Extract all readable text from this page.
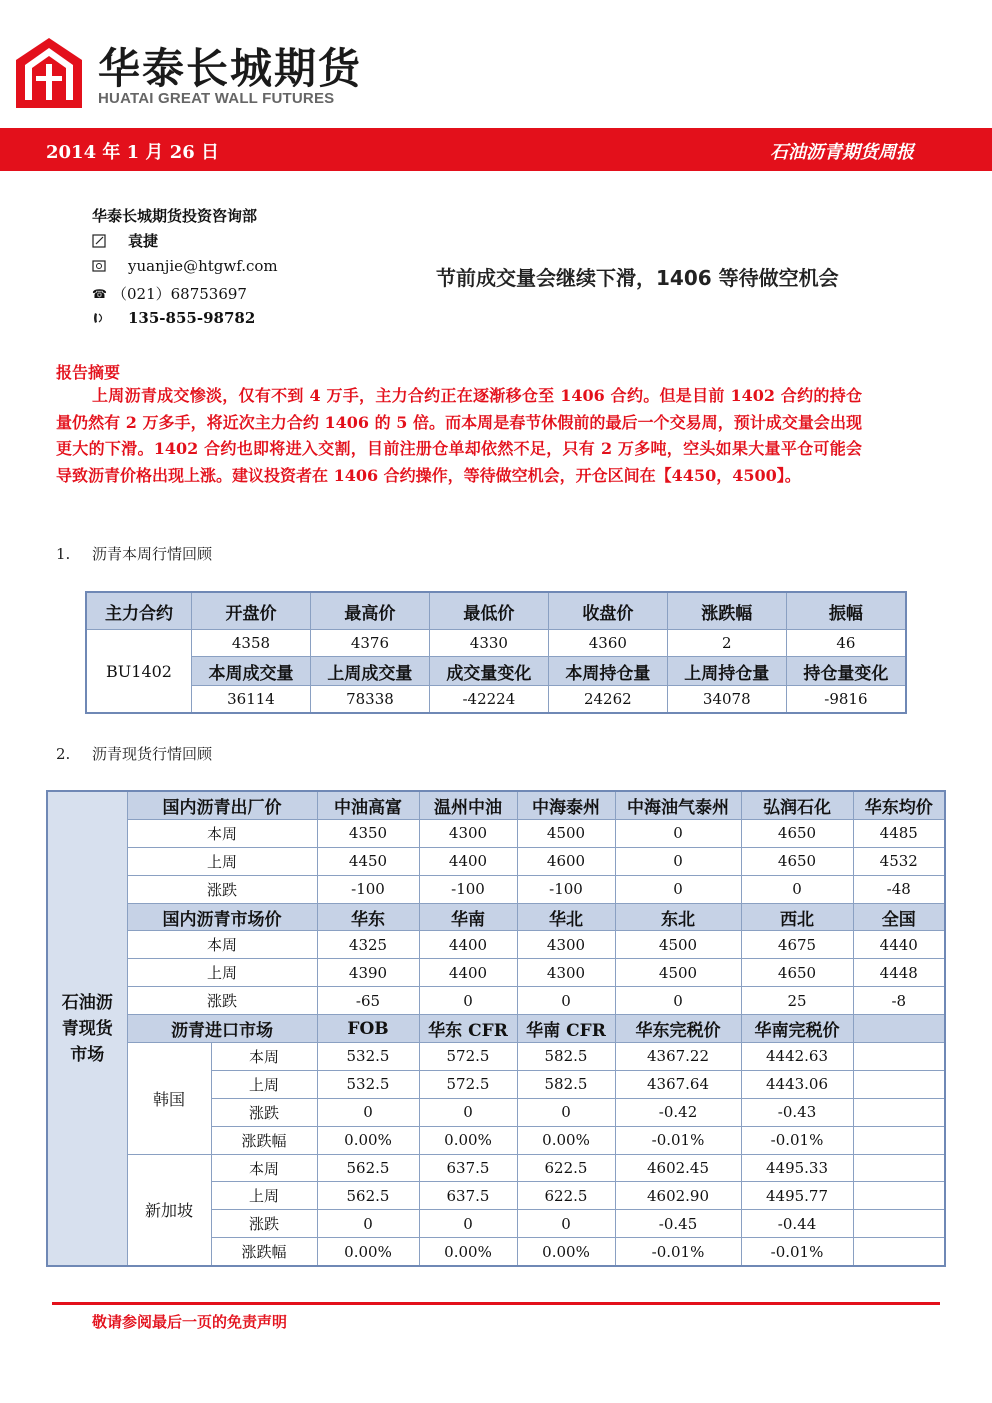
华泰长城期货
HUATAI GREAT WALL FUTURES
2014 年 1 月 26 日	石油沥青期货周报
华泰长城期货投资咨询部
袁捷
yuanjie@htgwf.com
☎ （021）68753697
135-855-98782
节前成交量会继续下滑，1406 等待做空机会
报告摘要

上周沥青成交惨淡，仅有不到 4 万手，主力合约正在逐渐移仓至 1406 合约。但是目前 1402 合约的持仓量仍然有 2 万多手，将近次主力合约 1406 的 5 倍。而本周是春节休假前的最后一个交易周，预计成交量会出现更大的下滑。1402 合约也即将进入交割，目前注册仓单却依然不足，只有 2 万多吨，空头如果大量平仓可能会导致沥青价格出现上涨。建议投资者在 1406 合约操作，等待做空机会，开仓区间在【4450，4500】。

1. 沥青本周行情回顾
主力合约	开盘价	最高价	最低价	收盘价	涨跌幅	振幅
BU1402	4358	4376	4330	4360	2	46
	本周成交量	上周成交量	成交量变化	本周持仓量	上周持仓量	持仓量变化
	36114	78338	-42224	24262	34078	-9816
2. 沥青现货行情回顾
石油沥青现货市场	国内沥青出厂价		中油高富	温州中油	中海泰州	中海油气泰州	弘润石化	华东均价
	本周		4350	4300	4500	0	4650	4485
	上周		4450	4400	4600	0	4650	4532
	涨跌		-100	-100	-100	0	0	-48
	国内沥青市场价		华东	华南	华北	东北	西北	全国
	本周		4325	4400	4300	4500	4675	4440
	上周		4390	4400	4300	4500	4650	4448
	涨跌		-65	0	0	0	25	-8
	沥青进口市场		FOB	华东 CFR	华南 CFR	华东完税价	华南完税价	
	韩国	本周	532.5	572.5	582.5	4367.22	4442.63	
		上周	532.5	572.5	582.5	4367.64	4443.06	
		涨跌	0	0	0	-0.42	-0.43	
		涨跌幅	0.00%	0.00%	0.00%	-0.01%	-0.01%	
	新加坡	本周	562.5	637.5	622.5	4602.45	4495.33	
		上周	562.5	637.5	622.5	4602.90	4495.77	
		涨跌	0	0	0	-0.45	-0.44	
		涨跌幅	0.00%	0.00%	0.00%	-0.01%	-0.01%	
敬请参阅最后一页的免责声明
